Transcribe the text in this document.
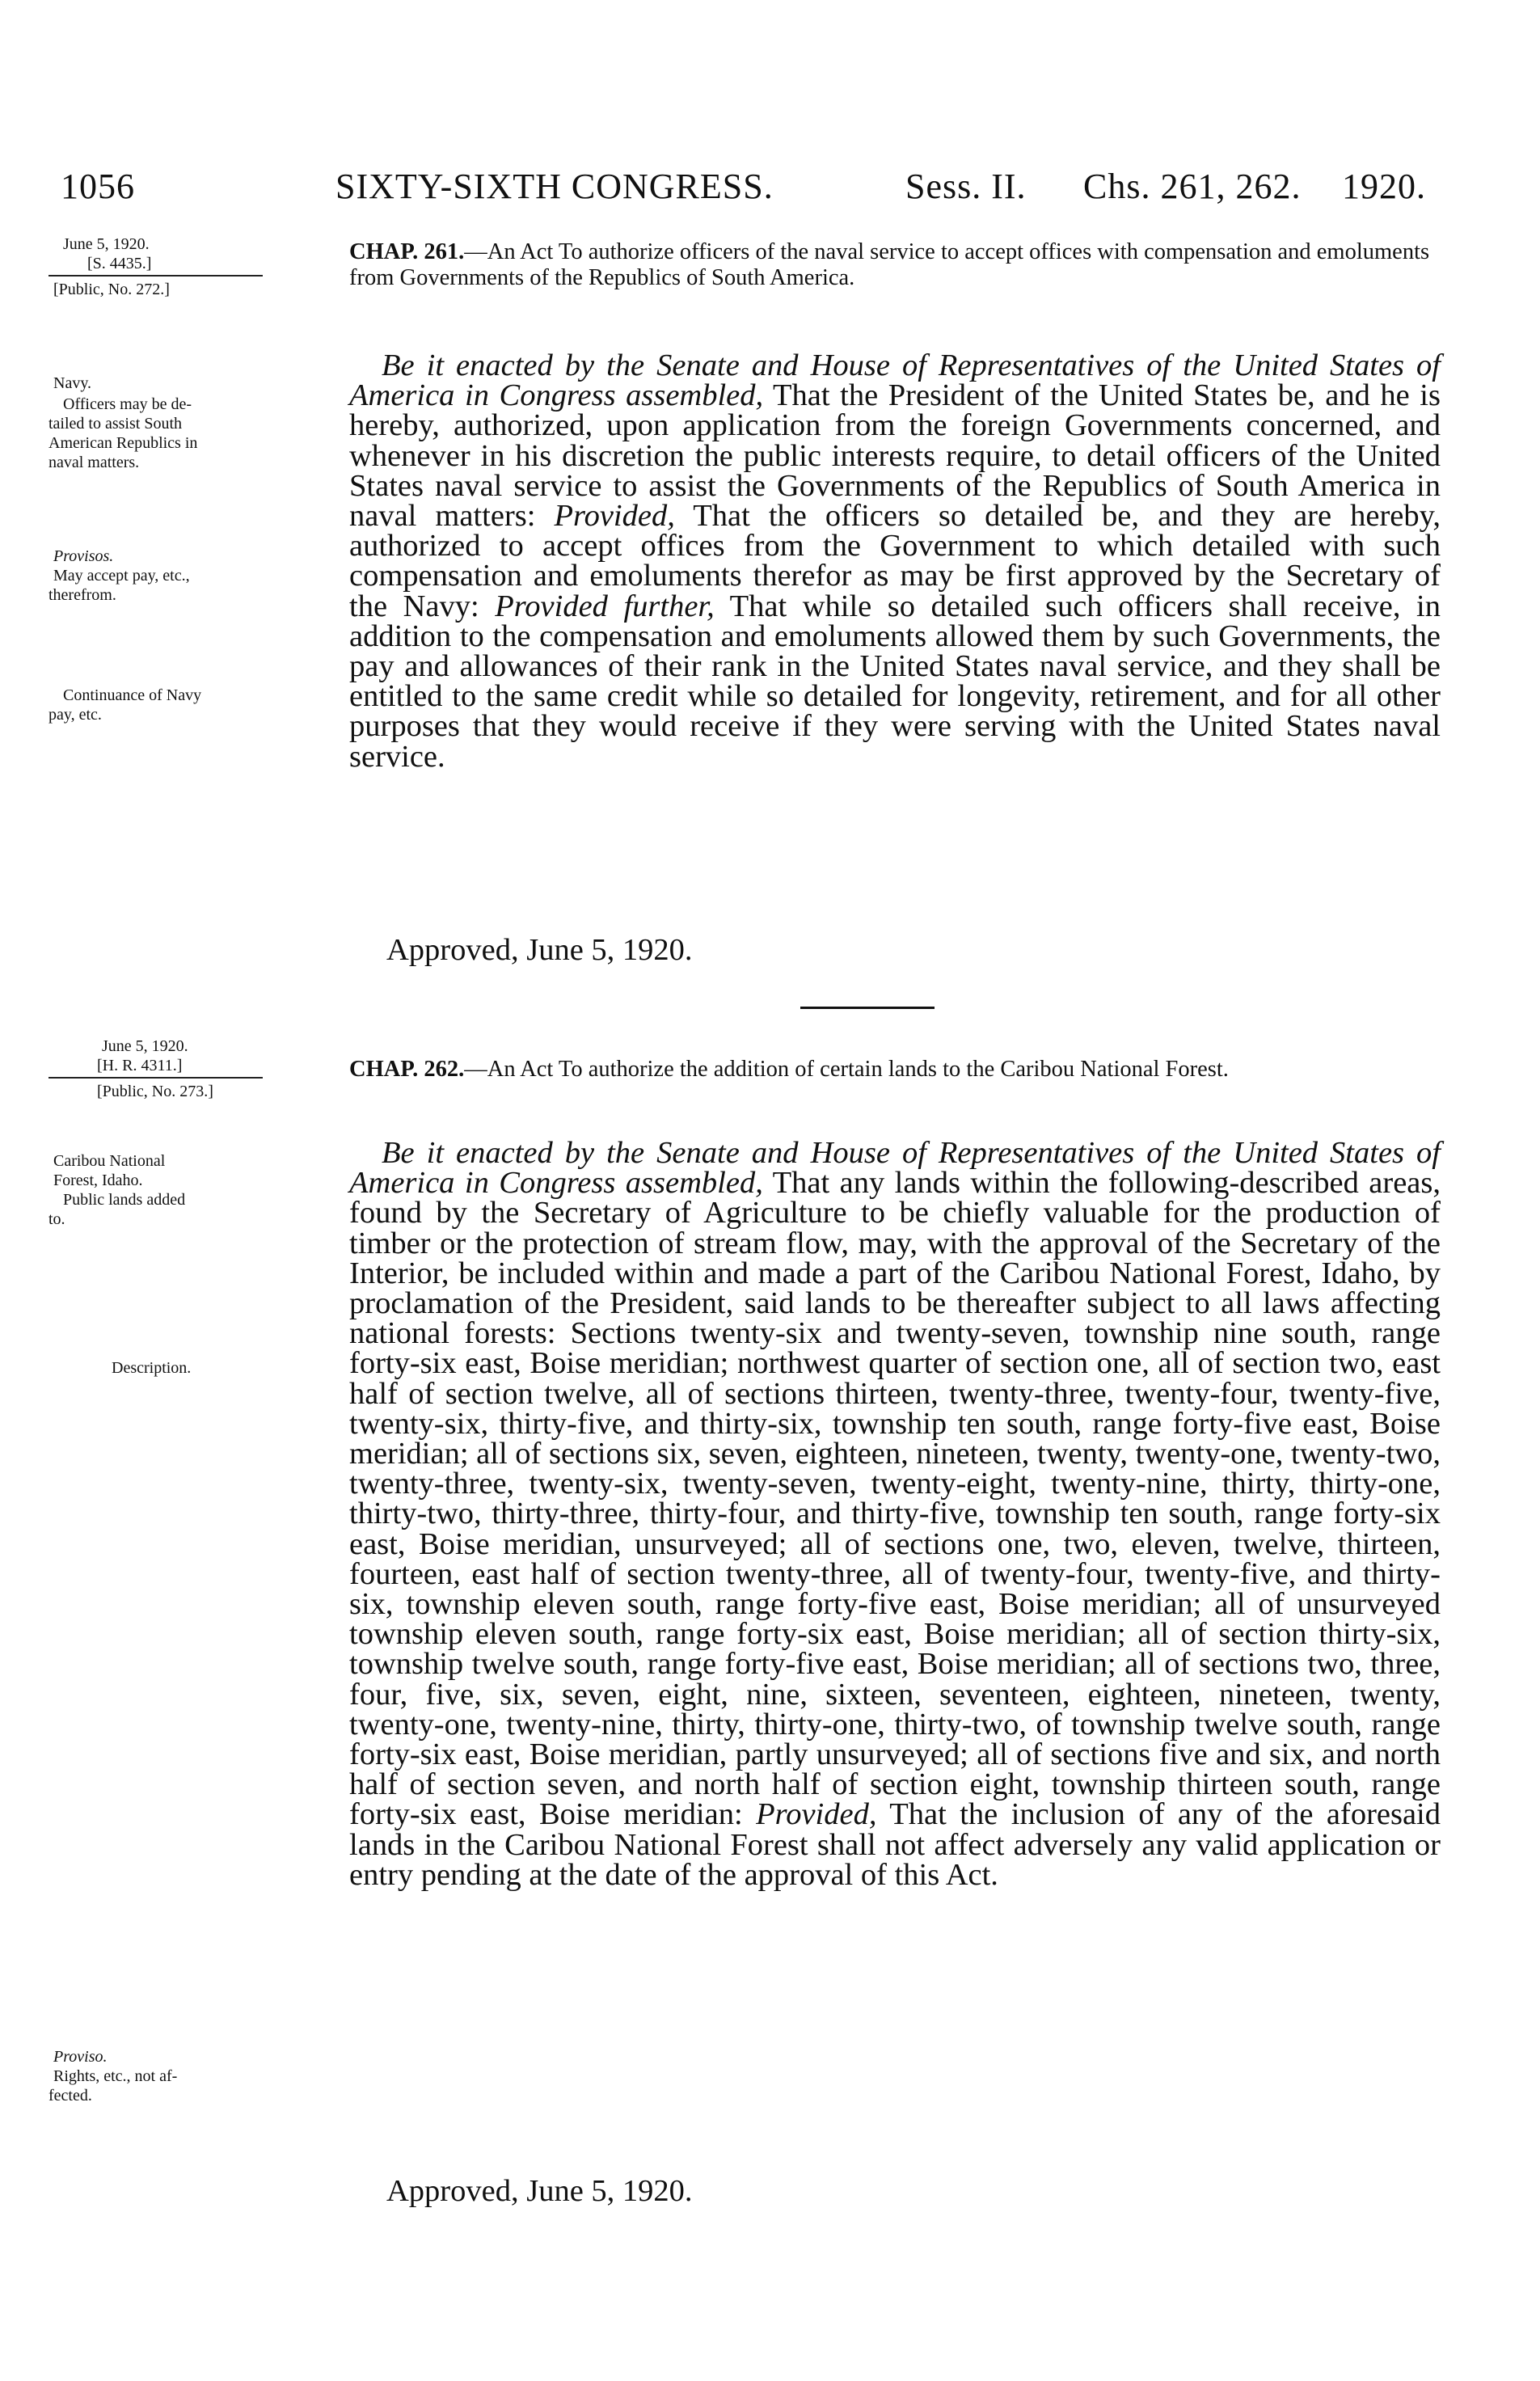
1056	SIXTY-SIXTH CONGRESS.	Sess. II. Chs. 261, 262. 1920.
June 5, 1920.
[S. 4435.]
[Public, No. 272.]
CHAP. 261.—An Act To authorize officers of the naval service to accept offices with compensation and emoluments from Governments of the Republics of South America.
Navy.
Officers may be de-
tailed to assist South
American Republics in
naval matters.
Provisos.
May accept pay, etc.,
therefrom.
Continuance of Navy
pay, etc.

Be it enacted by the Senate and House of Representatives of the United States of America in Congress assembled, That the President of the United States be, and he is hereby, authorized, upon application from the foreign Governments concerned, and whenever in his discretion the public interests require, to detail officers of the United States naval service to assist the Governments of the Republics of South America in naval matters: Provided, That the officers so detailed be, and they are hereby, authorized to accept offices from the Government to which detailed with such compensation and emoluments therefor as may be first approved by the Secretary of the Navy: Provided further, That while so detailed such officers shall receive, in addition to the compensation and emoluments allowed them by such Governments, the pay and allowances of their rank in the United States naval service, and they shall be entitled to the same credit while so detailed for longevity, retirement, and for all other purposes that they would receive if they were serving with the United States naval service.

Approved, June 5, 1920.
June 5, 1920.
[H. R. 4311.]
[Public, No. 273.]
CHAP. 262.—An Act To authorize the addition of certain lands to the Caribou National Forest.
Caribou National
Forest, Idaho.
Public lands added
to.
Description.
Proviso.
Rights, etc., not af-
fected.

Be it enacted by the Senate and House of Representatives of the United States of America in Congress assembled, That any lands within the following-described areas, found by the Secretary of Agriculture to be chiefly valuable for the production of timber or the protection of stream flow, may, with the approval of the Secretary of the Interior, be included within and made a part of the Caribou National Forest, Idaho, by proclamation of the President, said lands to be thereafter subject to all laws affecting national forests: Sections twenty-six and twenty-seven, township nine south, range forty-six east, Boise meridian; northwest quarter of section one, all of section two, east half of section twelve, all of sections thirteen, twenty-three, twenty-four, twenty-five, twenty-six, thirty-five, and thirty-six, township ten south, range forty-five east, Boise meridian; all of sections six, seven, eighteen, nineteen, twenty, twenty-one, twenty-two, twenty-three, twenty-six, twenty-seven, twenty-eight, twenty-nine, thirty, thirty-one, thirty-two, thirty-three, thirty-four, and thirty-five, township ten south, range forty-six east, Boise meridian, unsurveyed; all of sections one, two, eleven, twelve, thirteen, fourteen, east half of section twenty-three, all of twenty-four, twenty-five, and thirty-six, township eleven south, range forty-five east, Boise meridian; all of unsurveyed township eleven south, range forty-six east, Boise meridian; all of section thirty-six, township twelve south, range forty-five east, Boise meridian; all of sections two, three, four, five, six, seven, eight, nine, sixteen, seventeen, eighteen, nineteen, twenty, twenty-one, twenty-nine, thirty, thirty-one, thirty-two, of township twelve south, range forty-six east, Boise meridian, partly unsurveyed; all of sections five and six, and north half of section seven, and north half of section eight, township thirteen south, range forty-six east, Boise meridian: Provided, That the inclusion of any of the aforesaid lands in the Caribou National Forest shall not affect adversely any valid application or entry pending at the date of the approval of this Act.

Approved, June 5, 1920.
